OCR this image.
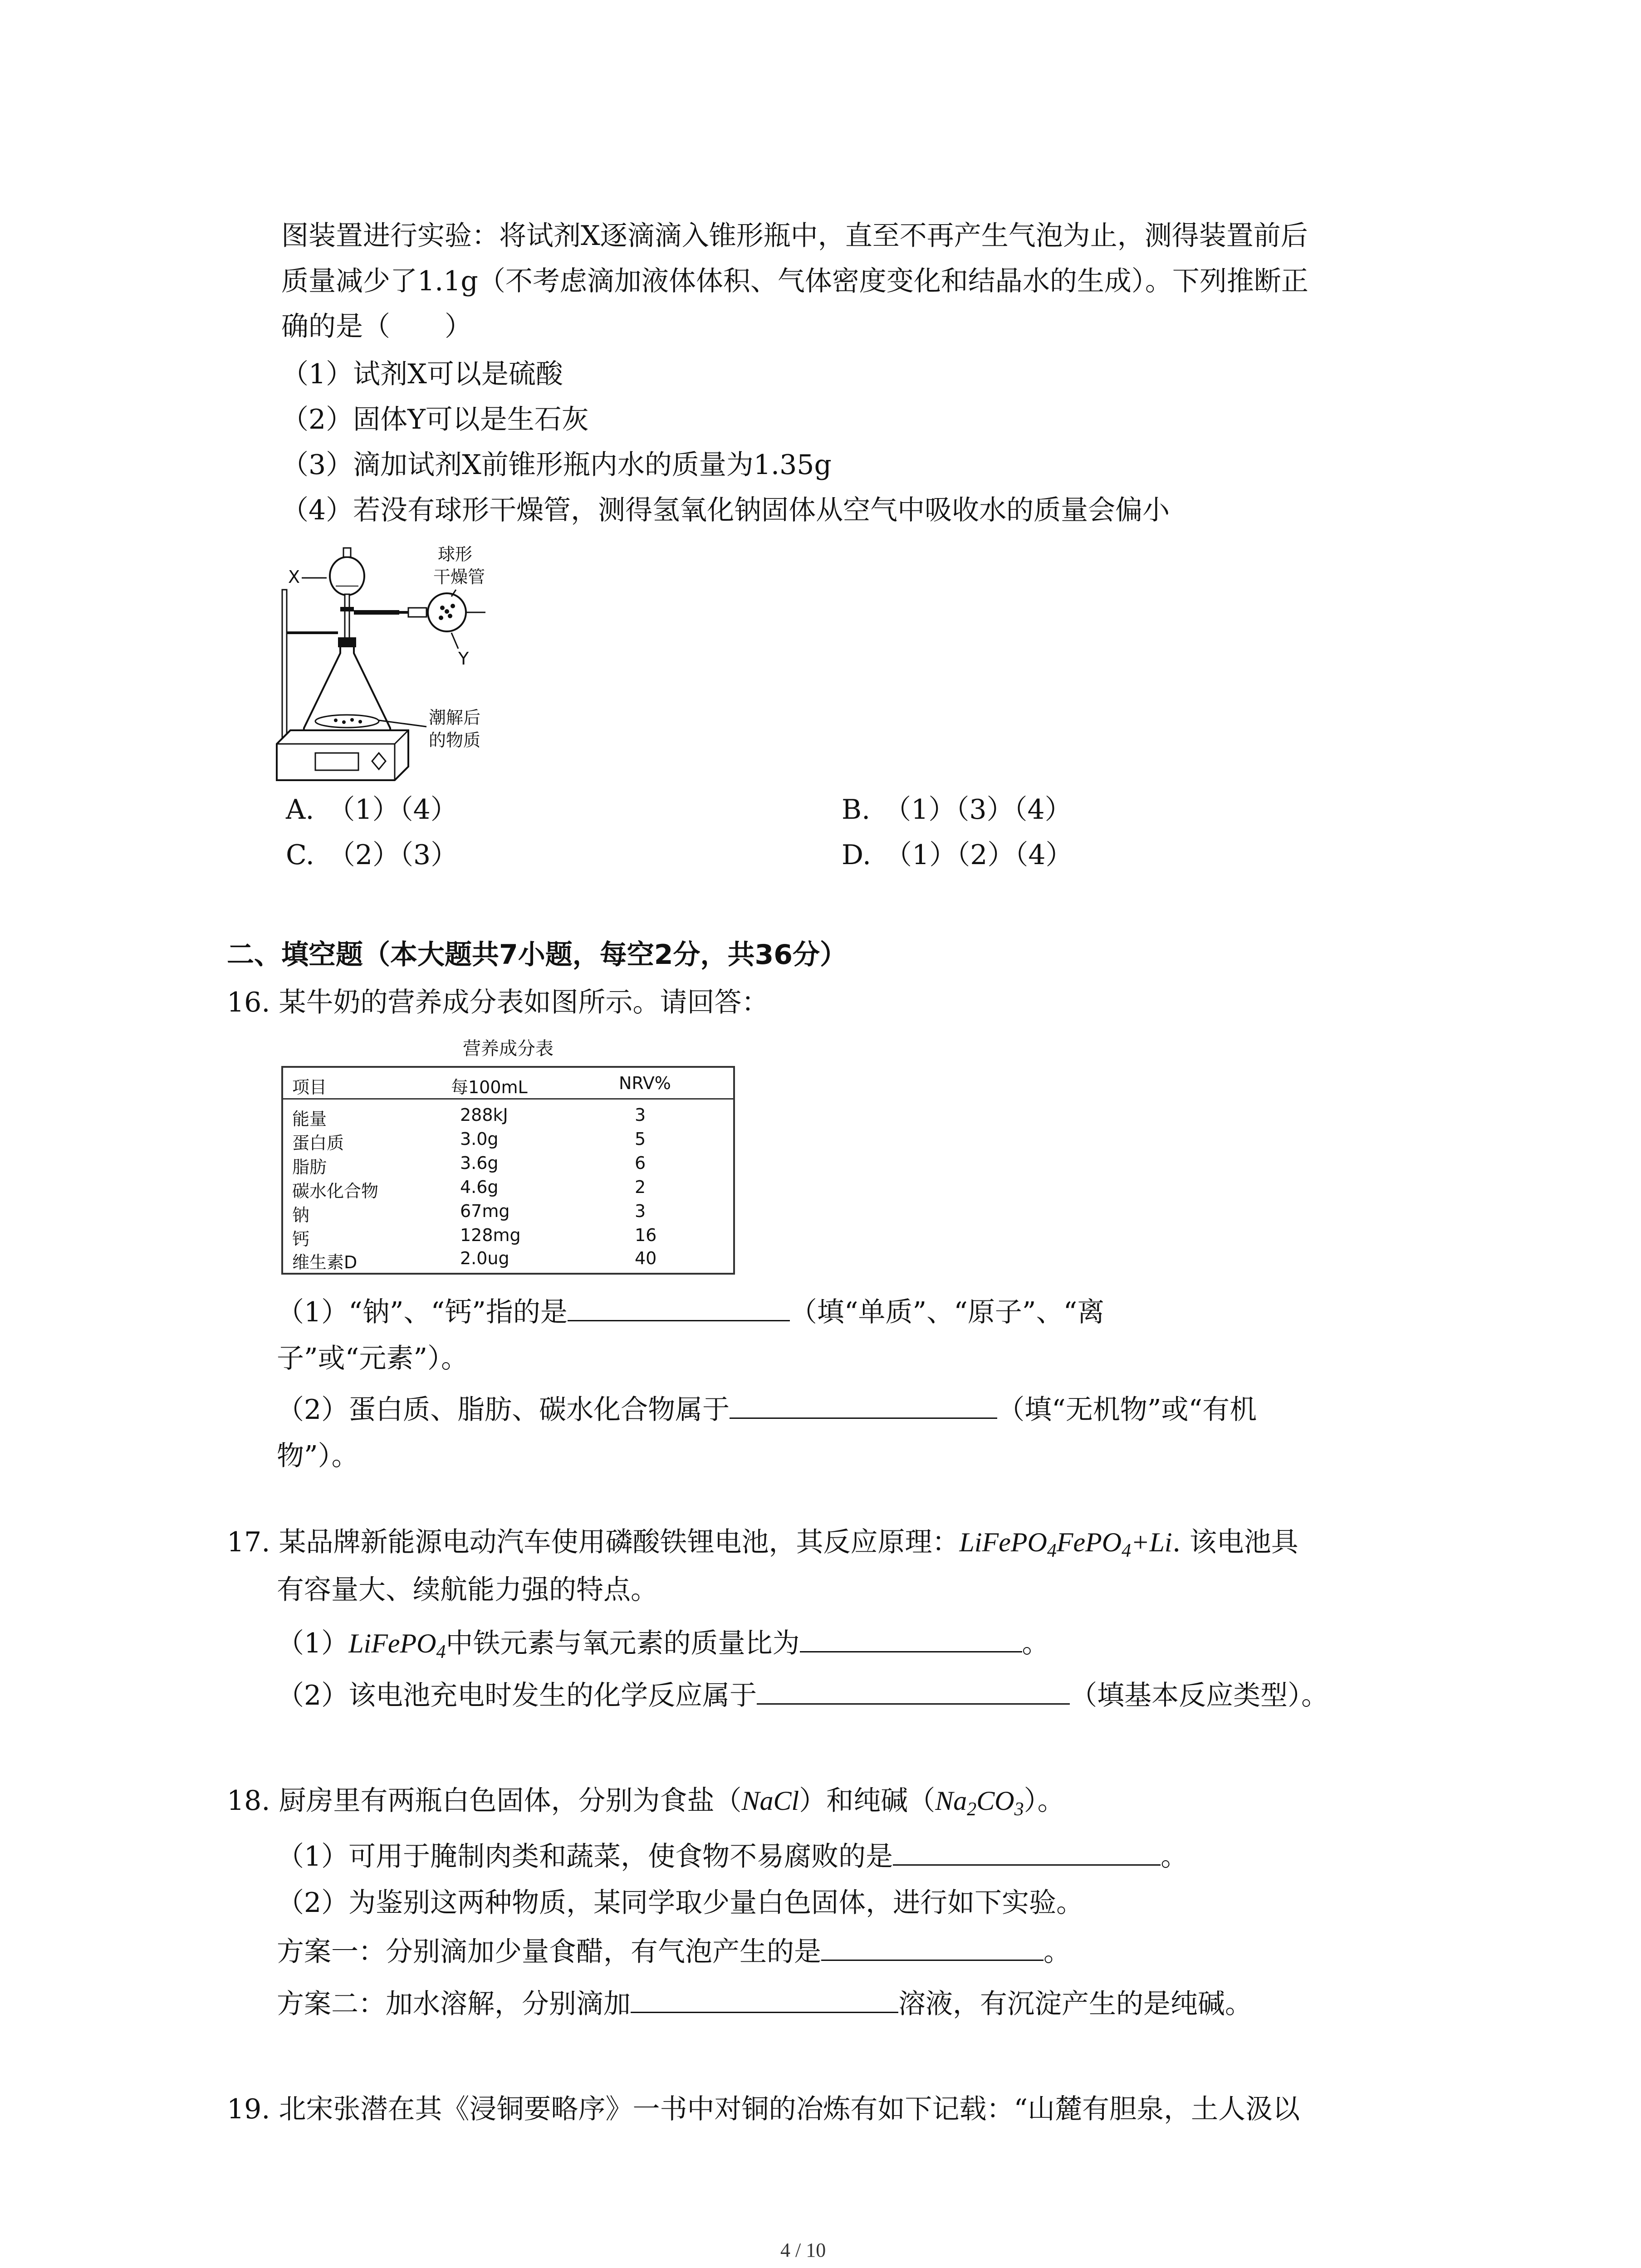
图装置进行实验：将试剂X逐滴滴入锥形瓶中，直至不再产生气泡为止，测得装置前后
质量减少了1.1g（不考虑滴加液体体积、气体密度变化和结晶水的生成）。下列推断正
确的是（　　）
（1）试剂X可以是硫酸
（2）固体Y可以是生石灰
（3）滴加试剂X前锥形瓶内水的质量为1.35g
（4）若没有球形干燥管，测得氢氧化钠固体从空气中吸收水的质量会偏小
X
球形
干燥管
Y
潮解后
的物质
A.　（1）（4）	B.　（1）（3）（4）
C.　（2）（3）	D.　（1）（2）（4）
二、填空题（本大题共7小题，每空2分，共36分）
16. 某牛奶的营养成分表如图所示。请回答：
营养成分表
项目	每100mL	NRV%
能量	288kJ	3
蛋白质	3.0g	5
脂肪	3.6g	6
碳水化合物	4.6g	2
钠	67mg	3
钙	128mg	16
维生素D	2.0ug	40
（1）“钠”、“钙”指的是	（填“单质”、“原子”、“离
子”或“元素”）。
（2）蛋白质、脂肪、碳水化合物属于	（填“无机物”或“有机
物”）。
17. 某品牌新能源电动汽车使用磷酸铁锂电池，其反应原理：LiFePO$_4$FePO$_4$+Li. 该电池具
有容量大、续航能力强的特点。
（1）LiFePO$_4$中铁元素与氧元素的质量比为	。
（2）该电池充电时发生的化学反应属于	（填基本反应类型）。
18. 厨房里有两瓶白色固体，分别为食盐（NaCl）和纯碱$(Na_2CO_3)$。
（1）可用于腌制肉类和蔬菜，使食物不易腐败的是	。
（2）为鉴别这两种物质，某同学取少量白色固体，进行如下实验。
方案一：分别滴加少量食醋，有气泡产生的是	。
方案二：加水溶解，分别滴加	溶液，有沉淀产生的是纯碱。
19. 北宋张潜在其《浸铜要略序》一书中对铜的冶炼有如下记载：“山麓有胆泉，土人汲以
4 / 10
